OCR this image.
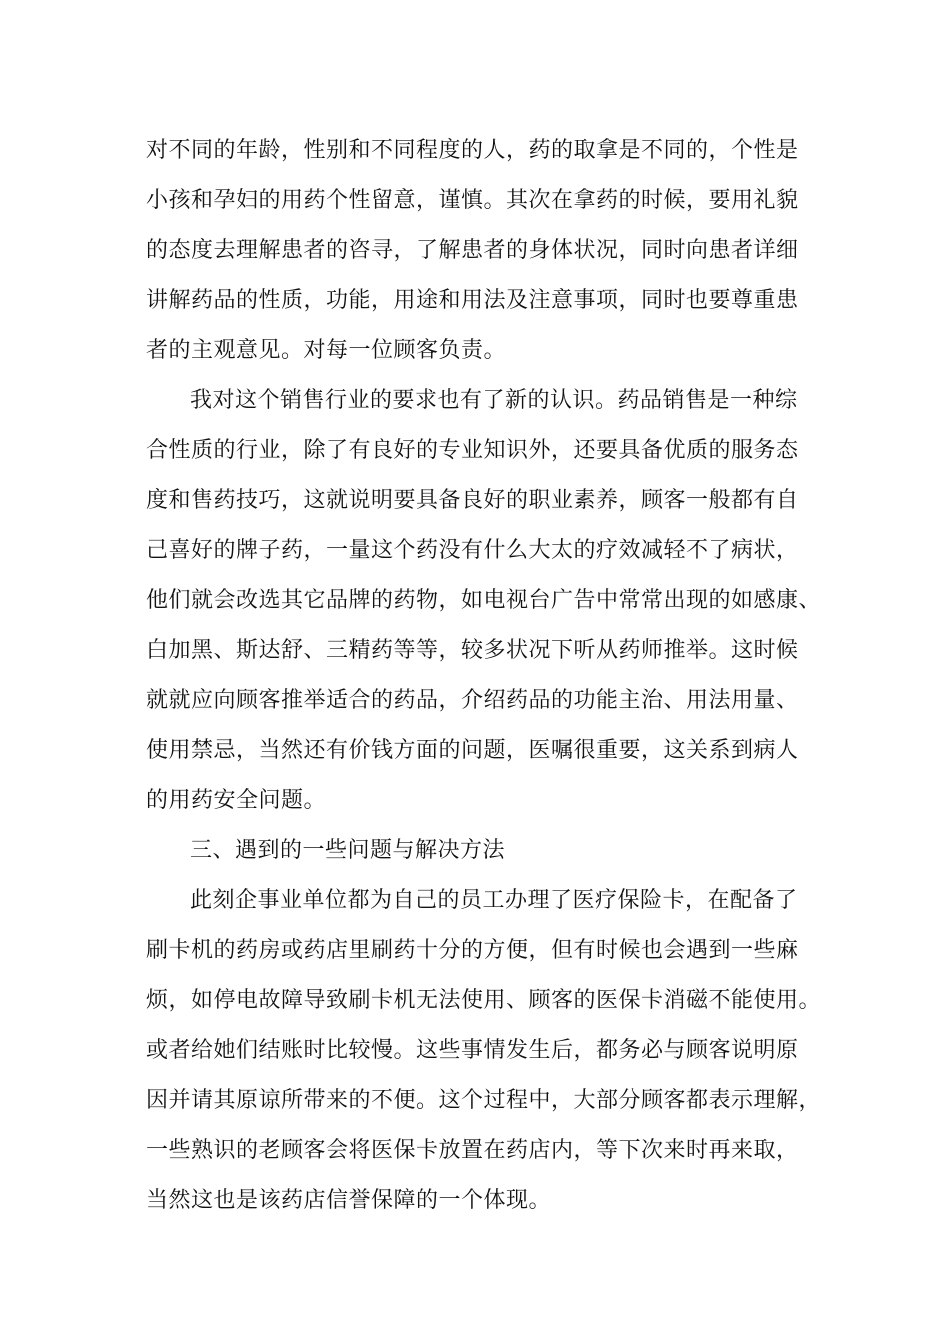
对不同的年龄，性别和不同程度的人，药的取拿是不同的，个性是
小孩和孕妇的用药个性留意，谨慎。其次在拿药的时候，要用礼貌
的态度去理解患者的咨寻，了解患者的身体状况，同时向患者详细
讲解药品的性质，功能，用途和用法及注意事项，同时也要尊重患
者的主观意见。对每一位顾客负责。
我对这个销售行业的要求也有了新的认识。药品销售是一种综
合性质的行业，除了有良好的专业知识外，还要具备优质的服务态
度和售药技巧，这就说明要具备良好的职业素养，顾客一般都有自
己喜好的牌子药，一量这个药没有什么大太的疗效减轻不了病状，
他们就会改选其它品牌的药物，如电视台广告中常常出现的如感康、
白加黑、斯达舒、三精药等等，较多状况下听从药师推举。这时候
就就应向顾客推举适合的药品，介绍药品的功能主治、用法用量、
使用禁忌，当然还有价钱方面的问题，医嘱很重要，这关系到病人
的用药安全问题。
三、遇到的一些问题与解决方法
此刻企事业单位都为自己的员工办理了医疗保险卡，在配备了
刷卡机的药房或药店里刷药十分的方便，但有时候也会遇到一些麻
烦，如停电故障导致刷卡机无法使用、顾客的医保卡消磁不能使用。
或者给她们结账时比较慢。这些事情发生后，都务必与顾客说明原
因并请其原谅所带来的不便。这个过程中，大部分顾客都表示理解，
一些熟识的老顾客会将医保卡放置在药店内，等下次来时再来取，
当然这也是该药店信誉保障的一个体现。
